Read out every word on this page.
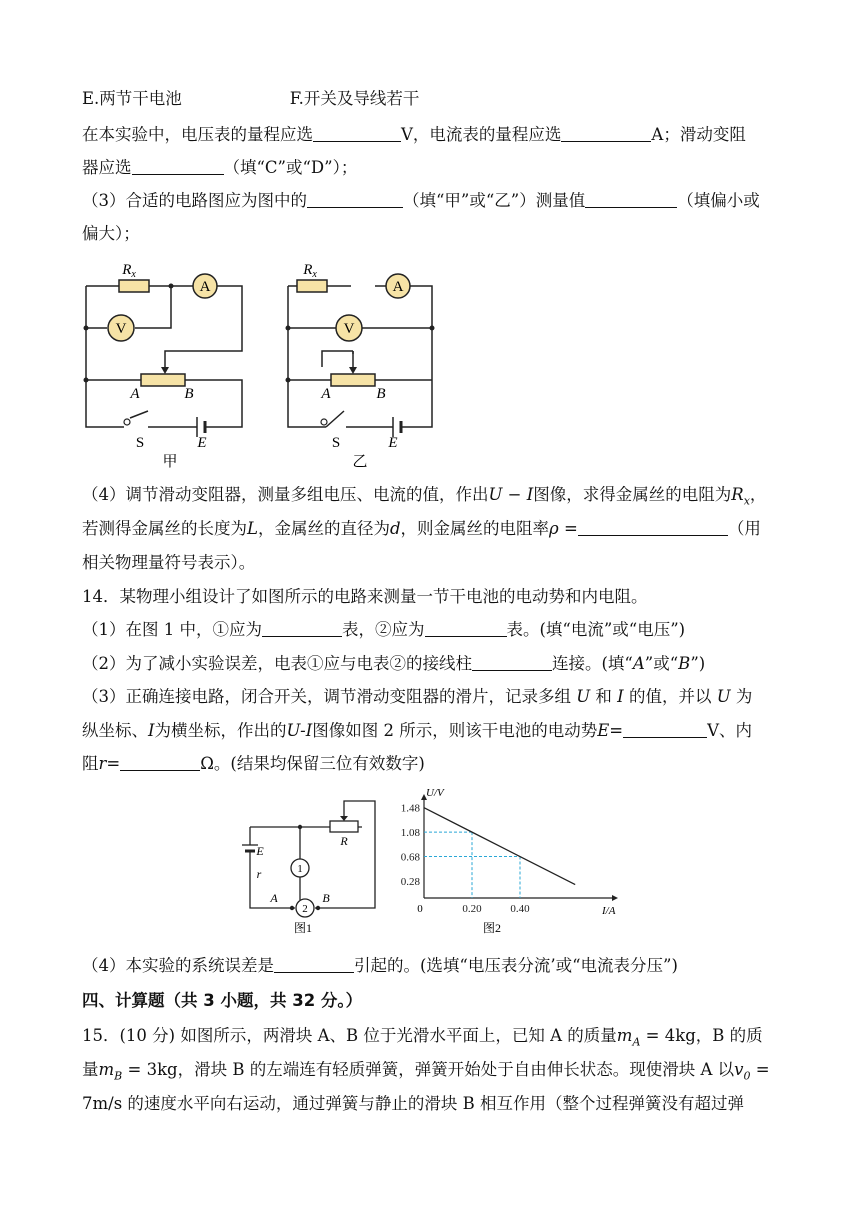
E.两节干电池	F.开关及导线若干
在本实验中，电压表的量程应选	V，电流表的量程应选	A；滑动变阻
器应选	（填“C”或“D”）；
（3）合适的电路图应为图中的	（填“甲”或“乙”）测量值	（填偏小或
偏大）；
$R_x$
A
V
A	B
S	E
甲
$R_x$
A
V
A	B
S	E
乙
（4）调节滑动变阻器，测量多组电压、电流的值，作出U − I图像，求得金属丝的电阻为$R_x$，
若测得金属丝的长度为L，金属丝的直径为d，则金属丝的电阻率ρ =	（用
相关物理量符号表示）。
14．某物理小组设计了如图所示的电路来测量一节干电池的电动势和内电阻。
（1）在图 1 中，①应为	表，②应为	表。(填“电流”或“电压”)
（2）为了减小实验误差，电表①应与电表②的接线柱	连接。(填“A”或“B”)
（3）正确连接电路，闭合开关，调节滑动变阻器的滑片，记录多组 U 和 I 的值，并以 U 为
纵坐标、I为横坐标，作出的U-I图像如图 2 所示，则该干电池的电动势E=	V、内
阻r=	Ω。(结果均保留三位有效数字)
E
r
R
1
2
A	B
图1
1.48
1.08
0.68
0.28
0.20	0.40
U/V
I/A
0
图2
（4）本实验的系统误差是	引起的。(选填“电压表分流’或“电流表分压”)
四、计算题（共 3 小题，共 32 分。）
15．(10 分) 如图所示，两滑块 A、B 位于光滑水平面上，已知 A 的质量$m_A = 4kg$，B 的质
量$m_B = 3kg$，滑块 B 的左端连有轻质弹簧，弹簧开始处于自由伸长状态。现使滑块 A 以$v_0$ =
7m/s 的速度水平向右运动，通过弹簧与静止的滑块 B 相互作用（整个过程弹簧没有超过弹
